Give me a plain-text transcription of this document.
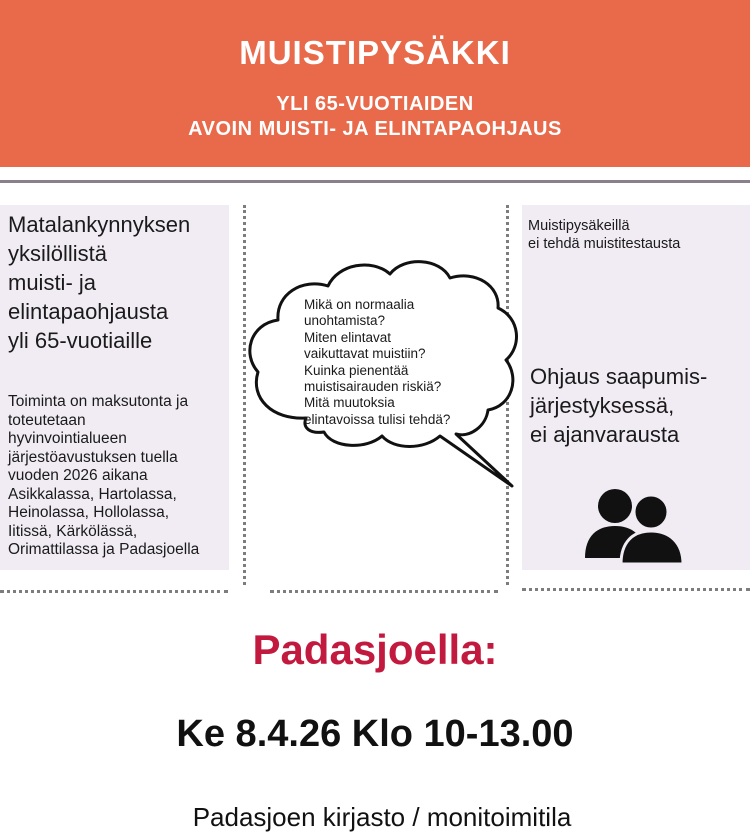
MUISTIPYSÄKKI
YLI 65-VUOTIAIDEN
AVOIN MUISTI- JA ELINTAPAOHJAUS
Matalankynnyksen
yksilöllistä
muisti- ja
elintapaohjausta
yli 65-vuotiaille
Toiminta on maksutonta ja
toteutetaan
hyvinvointialueen
järjestöavustuksen tuella
vuoden 2026 aikana
Asikkalassa, Hartolassa,
Heinolassa, Hollolassa,
Iitissä, Kärkölässä,
Orimattilassa ja Padasjoella
Mikä on normaalia
unohtamista?
Miten elintavat
vaikuttavat muistiin?
Kuinka pienentää
muistisairauden riskiä?
Mitä muutoksia
elintavoissa tulisi tehdä?
Muistipysäkeillä
ei tehdä muistitestausta
Ohjaus saapumis-
järjestyksessä,
ei ajanvarausta
Padasjoella:
Ke 8.4.26 Klo 10-13.00
Padasjoen kirjasto / monitoimitila
